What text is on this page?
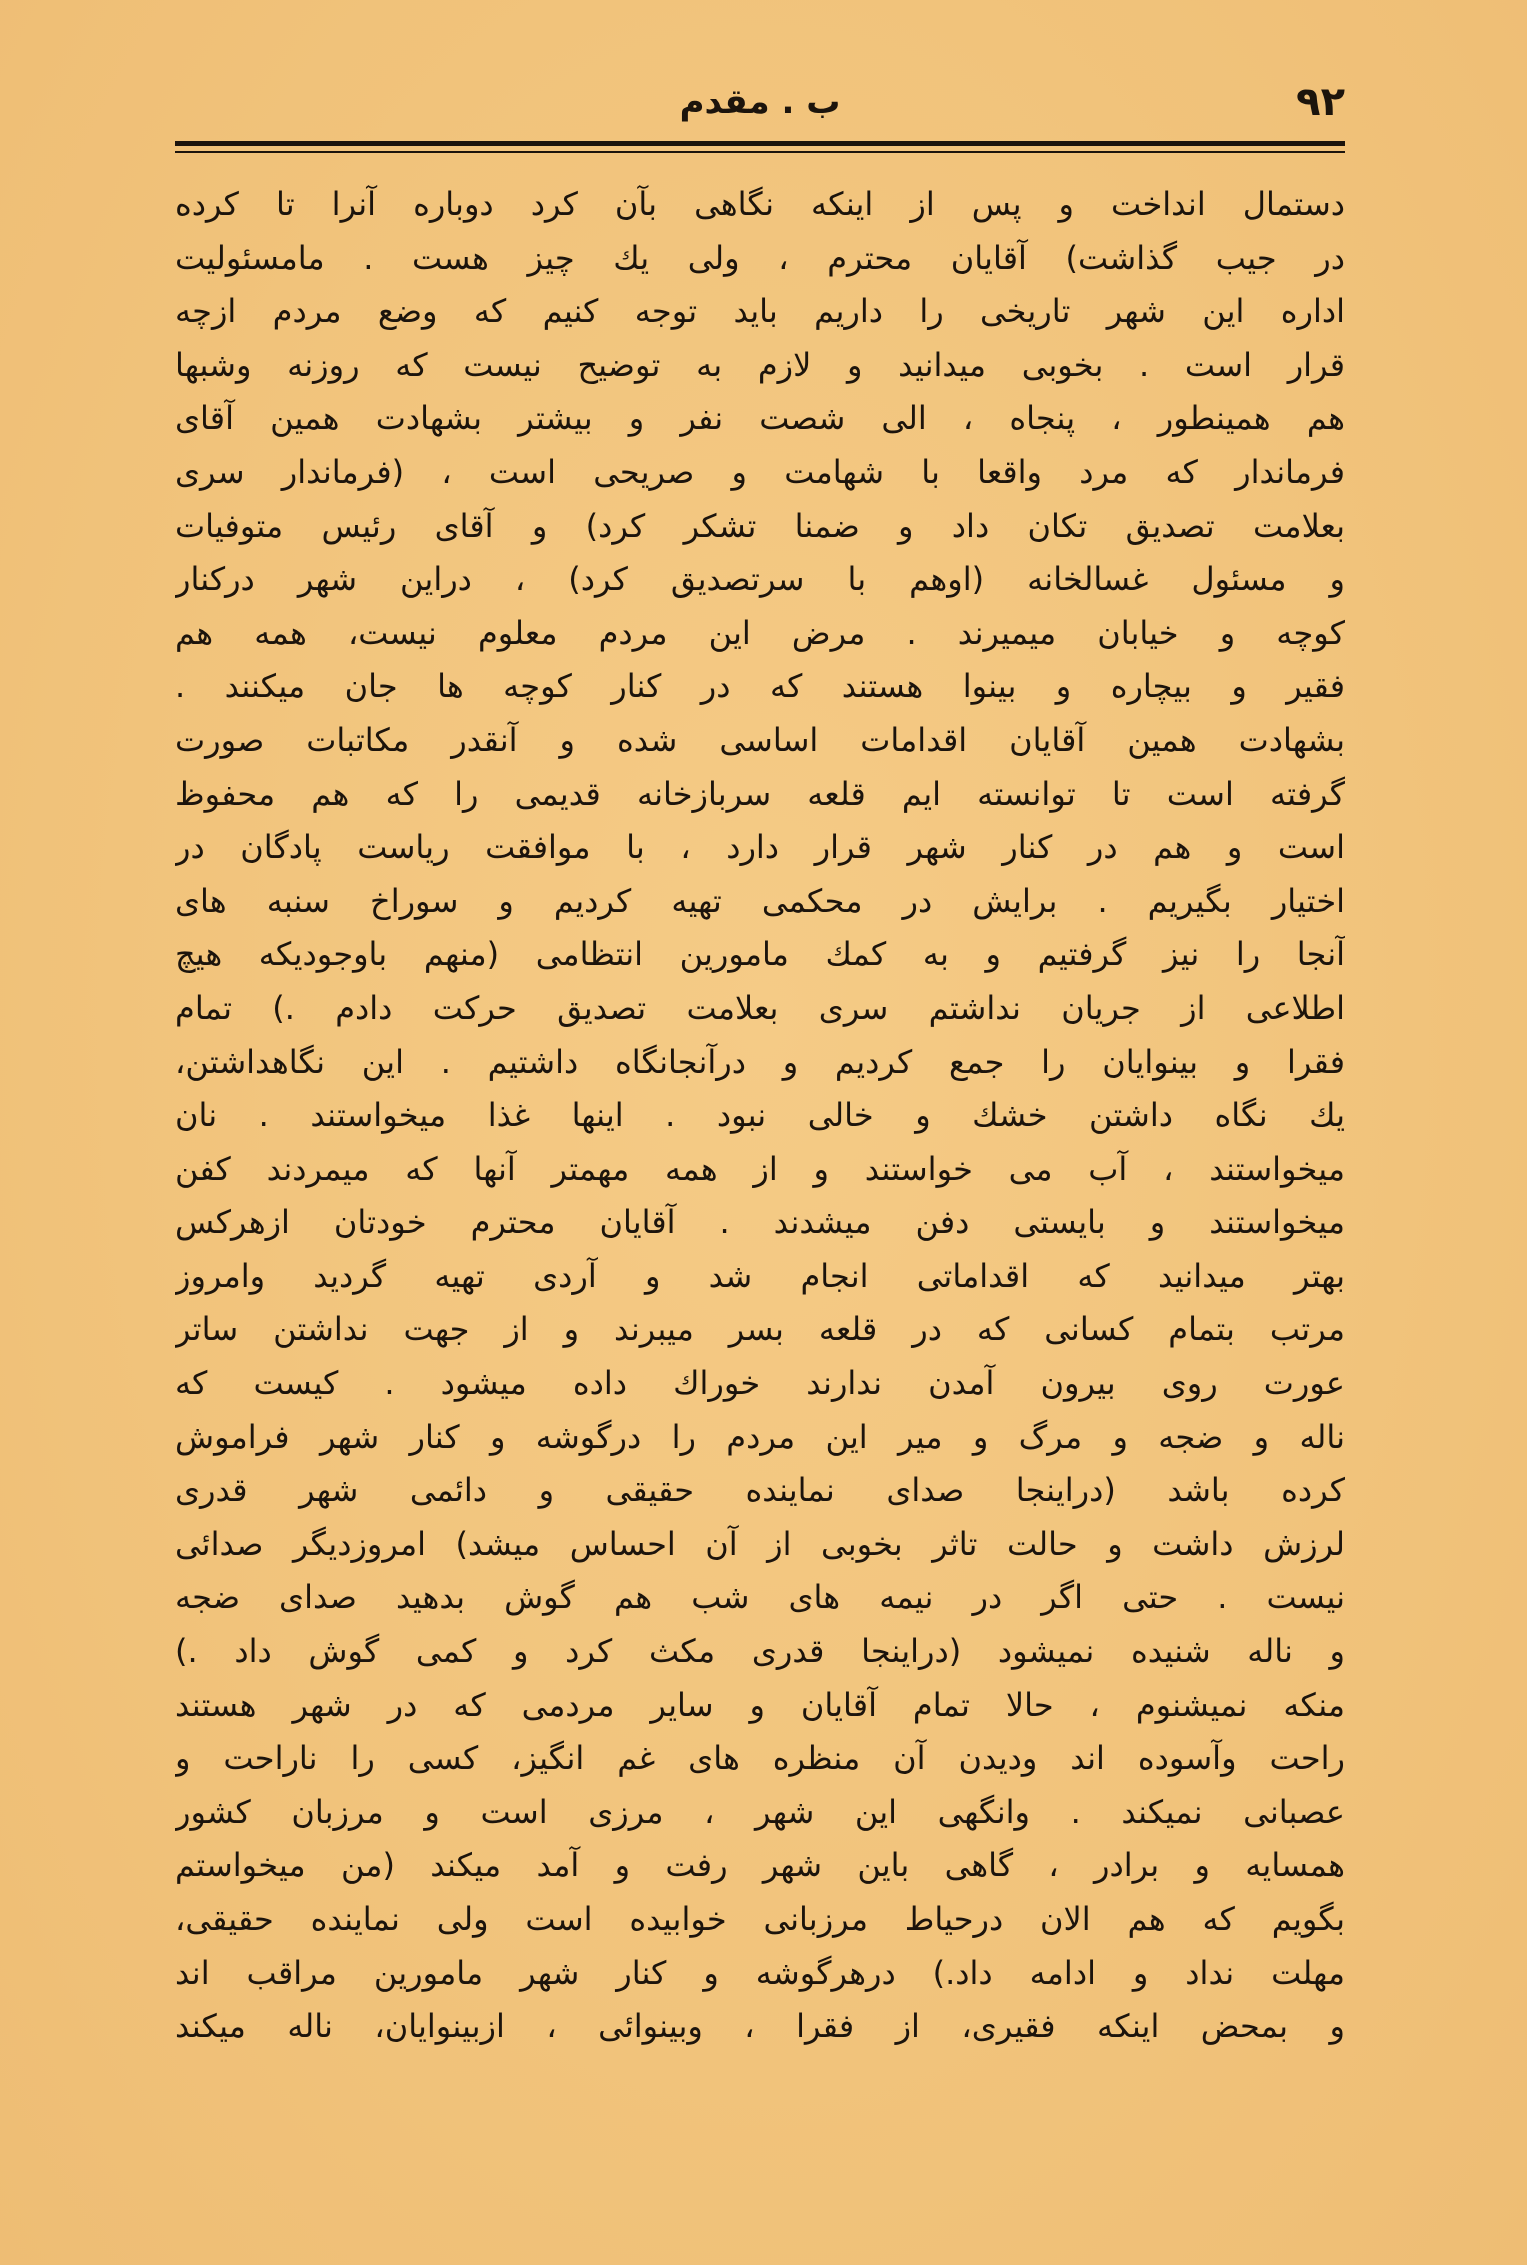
۹۲
ب . مقدم
دستمال انداخت و پس از اینکه نگاهی بآن کرد دوباره آنرا تا کرده
در جیب گذاشت) آقایان محترم ، ولی یك چیز هست . مامسئولیت
اداره این شهر تاریخی را داریم باید توجه کنیم که وضع مردم ازچه
قرار است . بخوبی میدانید و لازم به توضیح نیست که روزنه وشبها
هم همینطور ، پنجاه ، الی شصت نفر و بیشتر بشهادت همین آقای
فرماندار که مرد واقعا با شهامت و صریحی است ، (فرماندار سری
بعلامت تصدیق تکان داد و ضمنا تشکر کرد) و آقای رئیس متوفیات
و مسئول غسالخانه (اوهم با سرتصدیق کرد) ، دراین شهر درکنار
کوچه و خیابان میمیرند . مرض این مردم معلوم نیست، همه هم
فقیر و بیچاره و بینوا هستند که در کنار کوچه ها جان میکنند .
بشهادت همین آقایان اقدامات اساسی شده و آنقدر مکاتبات صورت
گرفته است تا توانسته ایم قلعه سربازخانه قدیمی را که هم محفوظ
است و هم در کنار شهر قرار دارد ، با موافقت ریاست پادگان در
اختیار بگیریم . برایش در محکمی تهیه کردیم و سوراخ سنبه های
آنجا را نیز گرفتیم و به کمك مامورین انتظامی (منهم باوجودیکه هیچ
اطلاعی از جریان نداشتم سری بعلامت تصدیق حرکت دادم .) تمام
فقرا و بینوایان را جمع کردیم و درآنجانگاه داشتیم . این نگاهداشتن،
یك نگاه داشتن خشك و خالی نبود . اینها غذا میخواستند . نان
میخواستند ، آب می خواستند و از همه مهمتر آنها که میمردند کفن
میخواستند و بایستی دفن میشدند . آقایان محترم خودتان ازهرکس
بهتر میدانید که اقداماتی انجام شد و آردی تهیه گردید وامروز
مرتب بتمام کسانی که در قلعه بسر میبرند و از جهت نداشتن ساتر
عورت روی بیرون آمدن ندارند خوراك داده میشود . کیست که
ناله و ضجه و مرگ و میر این مردم را درگوشه و کنار شهر فراموش
کرده باشد (دراینجا صدای نماینده حقیقی و دائمی شهر قدری
لرزش داشت و حالت تاثر بخوبی از آن احساس میشد) امروزدیگر صدائی
نیست . حتی اگر در نیمه های شب هم گوش بدهید صدای ضجه
و ناله شنیده نمیشود (دراینجا قدری مکث کرد و کمی گوش داد .)
منکه نمیشنوم ، حالا تمام آقایان و سایر مردمی که در شهر هستند
راحت وآسوده اند ودیدن آن منظره های غم انگیز، کسی را ناراحت و
عصبانی نمیکند . وانگهی این شهر ، مرزی است و مرزبان کشور
همسایه و برادر ، گاهی باین شهر رفت و آمد میکند (من میخواستم
بگویم که هم الان درحیاط مرزبانی خوابیده است ولی نماینده حقیقی،
مهلت نداد و ادامه داد.) درهرگوشه و کنار شهر مامورین مراقب اند
و بمحض اینکه فقیری، از فقرا ، وبینوائی ، ازبینوایان، ناله میکند
